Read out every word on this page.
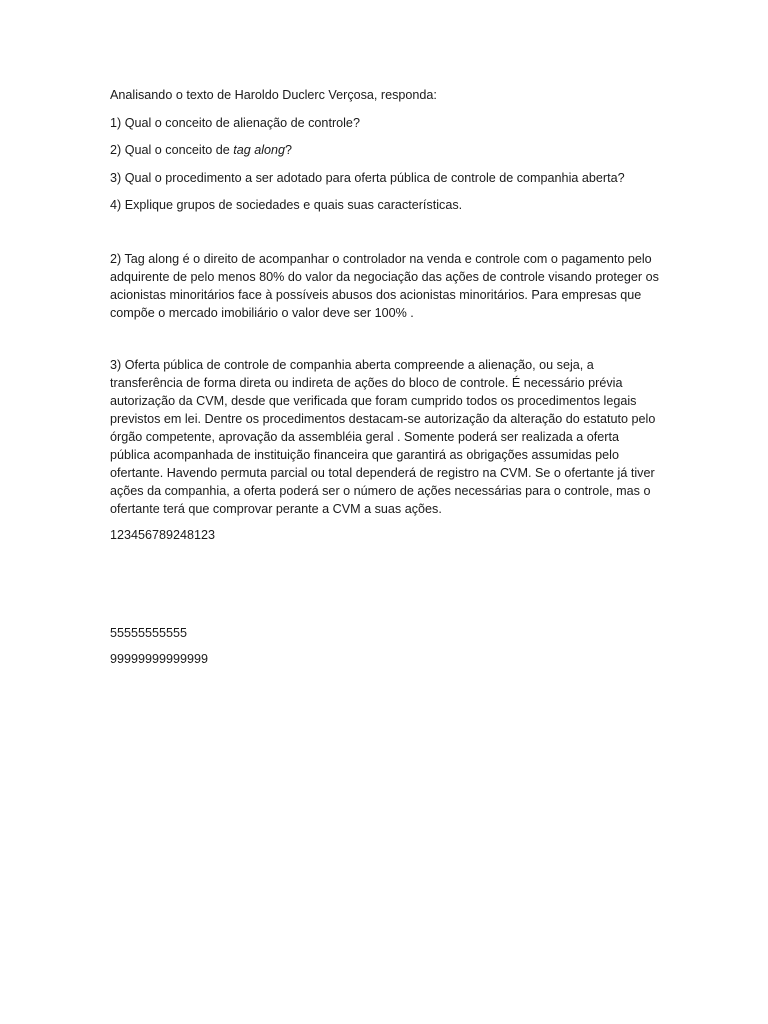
Analisando o texto de Haroldo Duclerc Verçosa, responda:

1) Qual o conceito de alienação de controle?

2) Qual o conceito de tag along?

3) Qual o procedimento a ser adotado para oferta pública de controle de companhia aberta?

4) Explique grupos de sociedades e quais suas características.

2) Tag along é o direito de acompanhar o controlador na venda e controle com o pagamento pelo adquirente de pelo menos 80% do valor da negociação das ações de controle visando proteger os acionistas minoritários face à possíveis abusos dos acionistas minoritários. Para empresas que compõe o mercado imobiliário o valor deve ser 100% .

3) Oferta pública de controle de companhia aberta compreende a alienação, ou seja, a transferência de forma direta ou indireta de ações do bloco de controle. É necessário prévia autorização da CVM, desde que verificada que foram cumprido todos os procedimentos legais previstos em lei. Dentre os procedimentos destacam-se autorização da alteração do estatuto pelo órgão competente, aprovação da assembléia geral . Somente poderá ser realizada a oferta pública acompanhada de instituição financeira que garantirá as obrigações assumidas pelo ofertante. Havendo permuta parcial ou total dependerá de registro na CVM. Se o ofertante já tiver ações da companhia, a oferta poderá ser o número de ações necessárias para o controle, mas o ofertante terá que comprovar perante a CVM a suas ações.

123456789248123

55555555555

99999999999999
